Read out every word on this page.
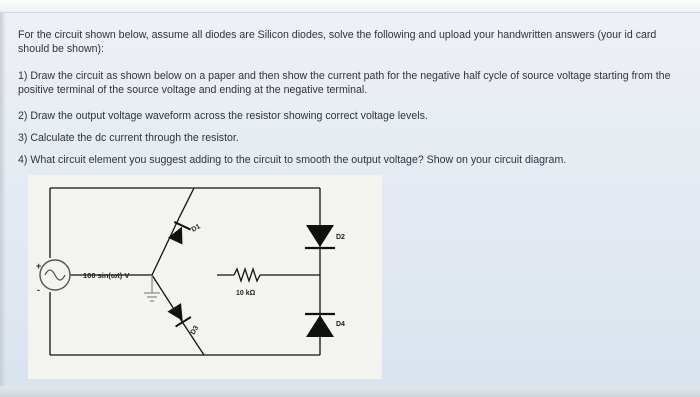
For the circuit shown below, assume all diodes are Silicon diodes, solve the following and upload your handwritten answers (your id card should be shown):
1) Draw the circuit as shown below on a paper and then show the current path for the negative half cycle of source voltage starting from the positive terminal of the source voltage and ending at the negative terminal.
2) Draw the output voltage waveform across the resistor showing correct voltage levels.
3) Calculate the dc current through the resistor.
4) What circuit element you suggest adding to the circuit to smooth the output voltage? Show on your circuit diagram.
+
-
100 sin(ωt) V
D1
D3
10 kΩ
D2
D4
